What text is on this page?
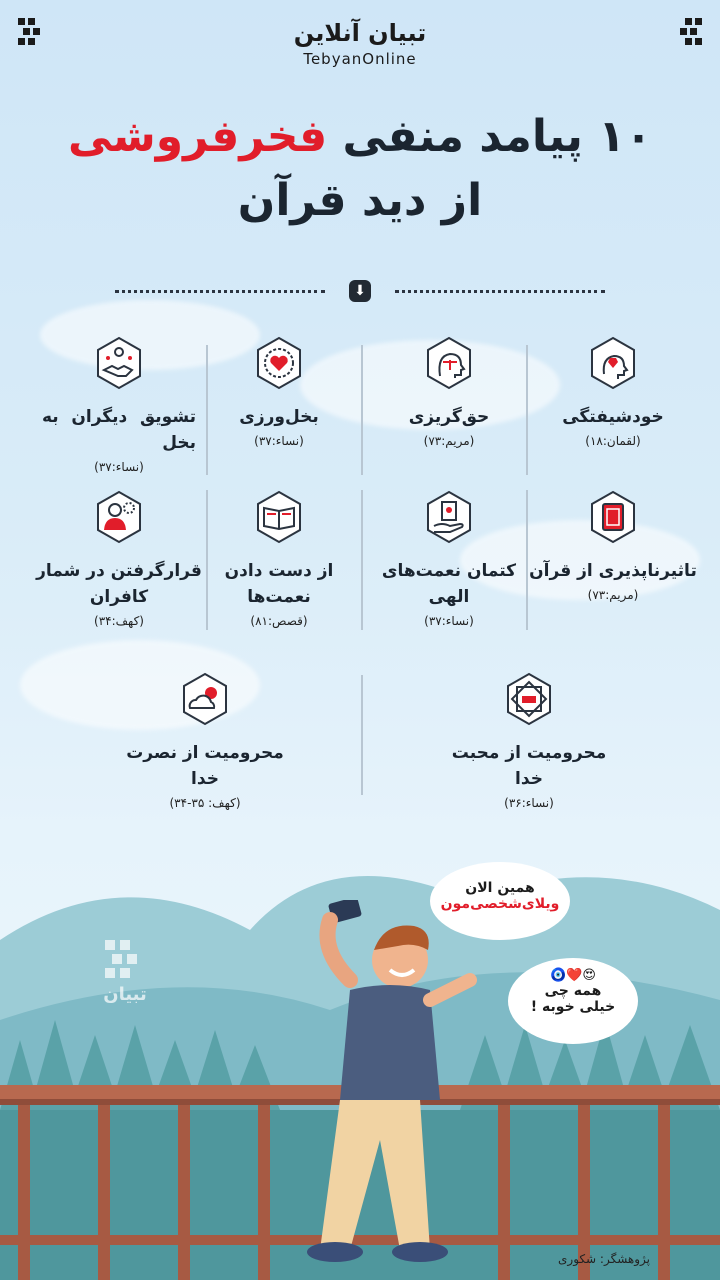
تبیان آنلاین
TebyanOnline
۱۰ پیامد منفی فخرفروشی
از دید قرآن
⬇
خودشیفتگی
(لقمان:۱۸)
حق‌گریزی
(مریم:۷۳)
بخل‌ورزی
(نساء:۳۷)
تشویق دیگران به بخل
(نساء:۳۷)
تاثیرناپذیری از قرآن
(مریم:۷۳)
کتمان نعمت‌های الهی
(نساء:۳۷)
از دست دادن نعمت‌ها
(قصص:۸۱)
قرارگرفتن در شمار کافران
(کهف:۳۴)
محرومیت از محبت خدا
(نساء:۳۶)
محرومیت از نصرت خدا
(کهف: ۳۵-۳۴)
همین الان
ویلای‌شخصی‌مون
😍❤️🧿
همه چی
خیلی خوبه !
تبیان
پژوهشگر: شکوری
